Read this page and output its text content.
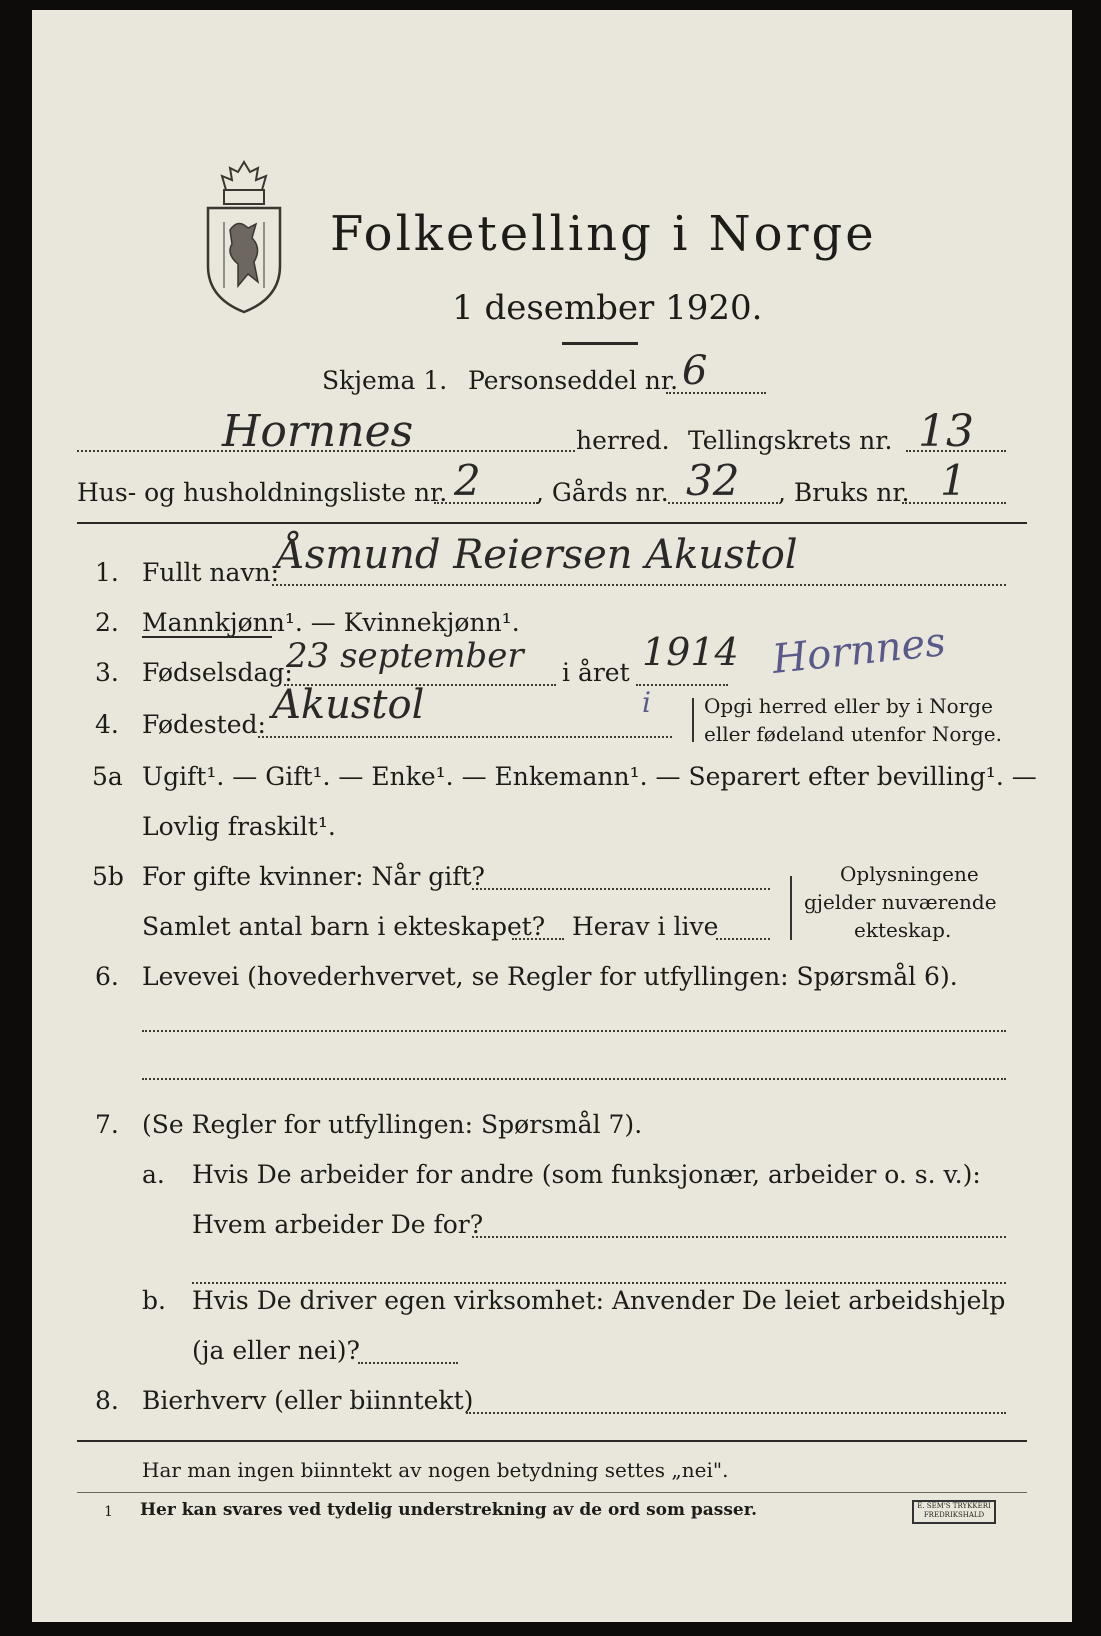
Folketelling i Norge
1 desember 1920.
Skjema 1. Personseddel nr. 6
Hornnes	herred. Tellingskrets nr. 13
Hus- og husholdningsliste nr. 2 , Gårds nr. 32 , Bruks nr. 1
1. Fullt navn:
Åsmund Reiersen Akustol
2. Mannkjønn¹. — Kvinnekjønn¹.
3. Fødselsdag:
23 september i året 1914 Hornnes
4. Fødested: Akustol	i	Opgi herred eller by i Norge
eller fødeland utenfor Norge.
5a Ugift¹. — Gift¹. — Enke¹. — Enkemann¹. — Separert efter bevilling¹. —
Lovlig fraskilt¹.
5b For gifte kvinner: Når gift?
Samlet antal barn i ekteskapet? Herav i live
Oplysningene
gjelder nuværende
ekteskap.
6. Levevei (hovederhvervet, se Regler for utfyllingen: Spørsmål 6).
7. (Se Regler for utfyllingen: Spørsmål 7).
a. Hvis De arbeider for andre (som funksjonær, arbeider o. s. v.):
Hvem arbeider De for?
b. Hvis De driver egen virksomhet: Anvender De leiet arbeidshjelp
(ja eller nei)?
8. Bierhverv (eller biinntekt)
Har man ingen biinntekt av nogen betydning settes „nei".
1 Her kan svares ved tydelig understrekning av de ord som passer.	E. SEM'S TRYKKERI FREDRIKSHALD
